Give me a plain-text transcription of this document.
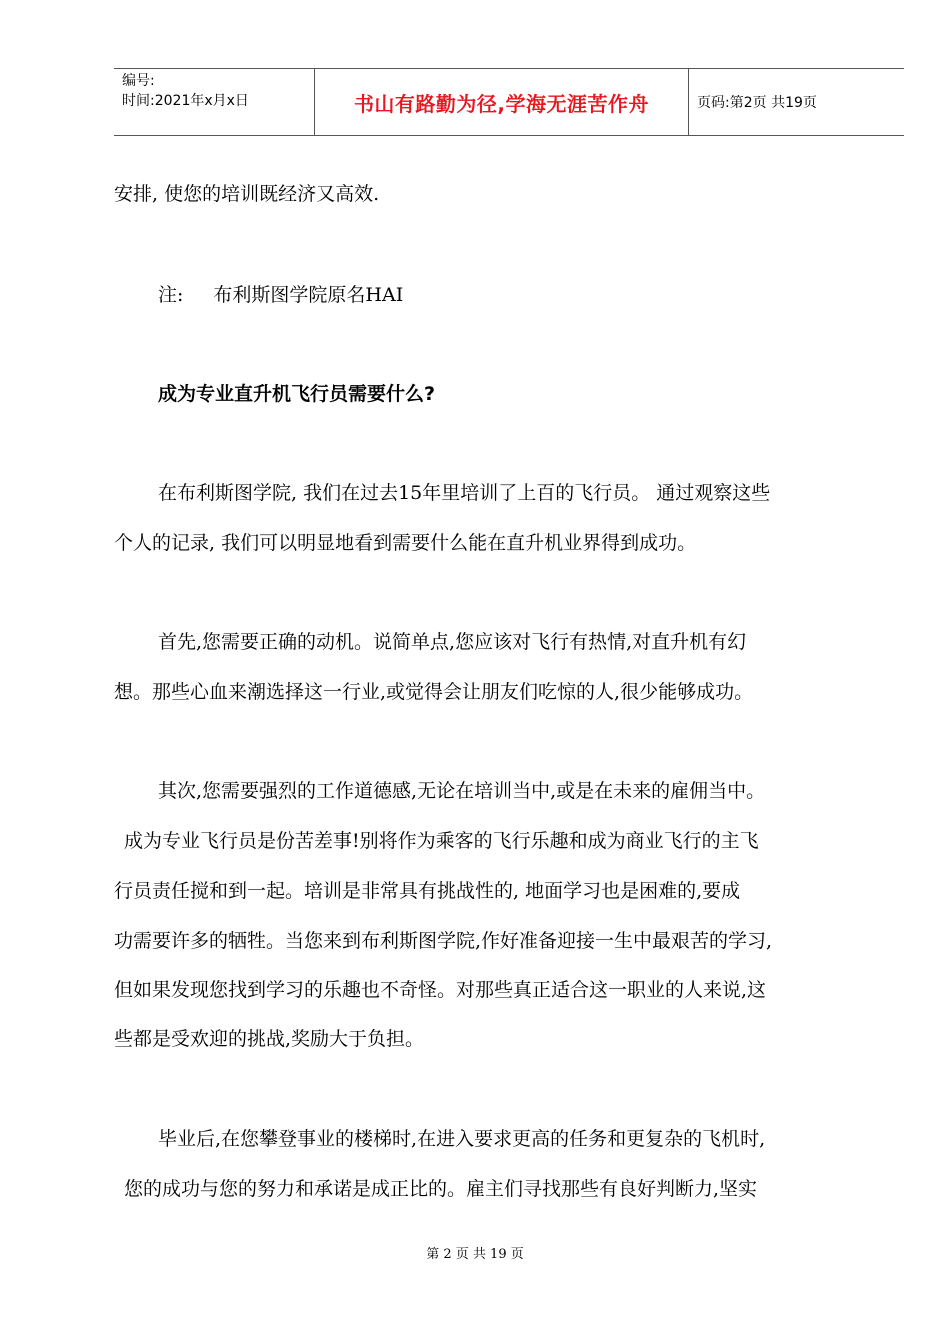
编号:
时间:2021年x月x日	书山有路勤为径,学海无涯苦作舟	页码:第2页 共19页
安排, 使您的培训既经济又高效.
注: 布利斯图学院原名HAI
成为专业直升机飞行员需要什么?
在布利斯图学院, 我们在过去15年里培训了上百的飞行员。 通过观察这些
个人的记录, 我们可以明显地看到需要什么能在直升机业界得到成功。
首先,您需要正确的动机。说简单点,您应该对飞行有热情,对直升机有幻
想。那些心血来潮选择这一行业,或觉得会让朋友们吃惊的人,很少能够成功。
其次,您需要强烈的工作道德感,无论在培训当中,或是在未来的雇佣当中。
成为专业飞行员是份苦差事!别将作为乘客的飞行乐趣和成为商业飞行的主飞
行员责任搅和到一起。培训是非常具有挑战性的, 地面学习也是困难的,要成
功需要许多的牺牲。当您来到布利斯图学院,作好准备迎接一生中最艰苦的学习,
但如果发现您找到学习的乐趣也不奇怪。对那些真正适合这一职业的人来说,这
些都是受欢迎的挑战,奖励大于负担。
毕业后,在您攀登事业的楼梯时,在进入要求更高的任务和更复杂的飞机时,
您的成功与您的努力和承诺是成正比的。雇主们寻找那些有良好判断力,坚实
第 2 页 共 19 页
